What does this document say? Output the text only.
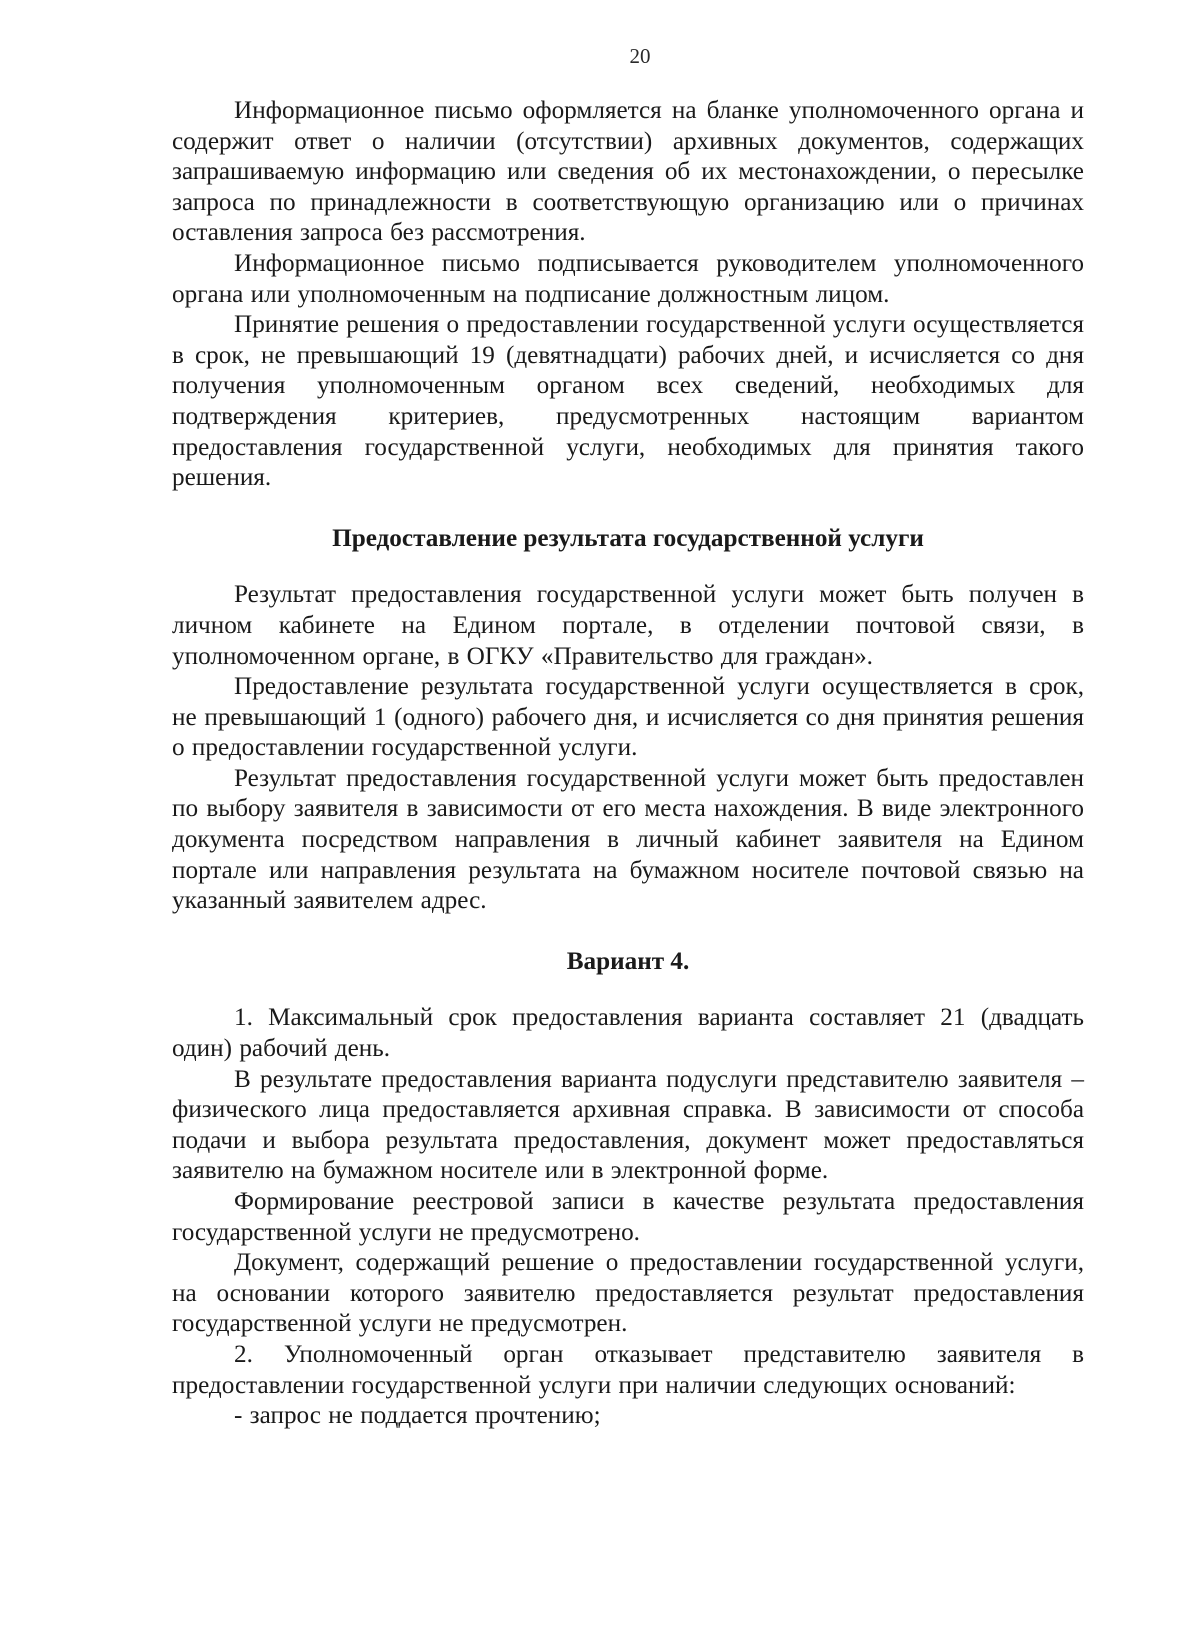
20

Информационное письмо оформляется на бланке уполномоченного органа и содержит ответ о наличии (отсутствии) архивных документов, содержащих запрашиваемую информацию или сведения об их местонахождении, о пересылке запроса по принадлежности в соответствующую организацию или о причинах оставления запроса без рассмотрения.

Информационное письмо подписывается руководителем уполномоченного органа или уполномоченным на подписание должностным лицом.

Принятие решения о предоставлении государственной услуги осуществляется в срок, не превышающий 19 (девятнадцати) рабочих дней, и исчисляется со дня получения уполномоченным органом всех сведений, необходимых для подтверждения критериев, предусмотренных настоящим вариантом предоставления государственной услуги, необходимых для принятия такого решения.

Предоставление результата государственной услуги

Результат предоставления государственной услуги может быть получен в личном кабинете на Едином портале, в отделении почтовой связи, в уполномоченном органе, в ОГКУ «Правительство для граждан».

Предоставление результата государственной услуги осуществляется в срок, не превышающий 1 (одного) рабочего дня, и исчисляется со дня принятия решения о предоставлении государственной услуги.

Результат предоставления государственной услуги может быть предоставлен по выбору заявителя в зависимости от его места нахождения. В виде электронного документа посредством направления в личный кабинет заявителя на Едином портале или направления результата на бумажном носителе почтовой связью на указанный заявителем адрес.

Вариант 4.

1. Максимальный срок предоставления варианта составляет 21 (двадцать один) рабочий день.

В результате предоставления варианта подуслуги представителю заявителя – физического лица предоставляется архивная справка. В зависимости от способа подачи и выбора результата предоставления, документ может предоставляться заявителю на бумажном носителе или в электронной форме.

Формирование реестровой записи в качестве результата предоставления государственной услуги не предусмотрено.

Документ, содержащий решение о предоставлении государственной услуги, на основании которого заявителю предоставляется результат предоставления государственной услуги не предусмотрен.

2. Уполномоченный орган отказывает представителю заявителя в предоставлении государственной услуги при наличии следующих оснований:

- запрос не поддается прочтению;
